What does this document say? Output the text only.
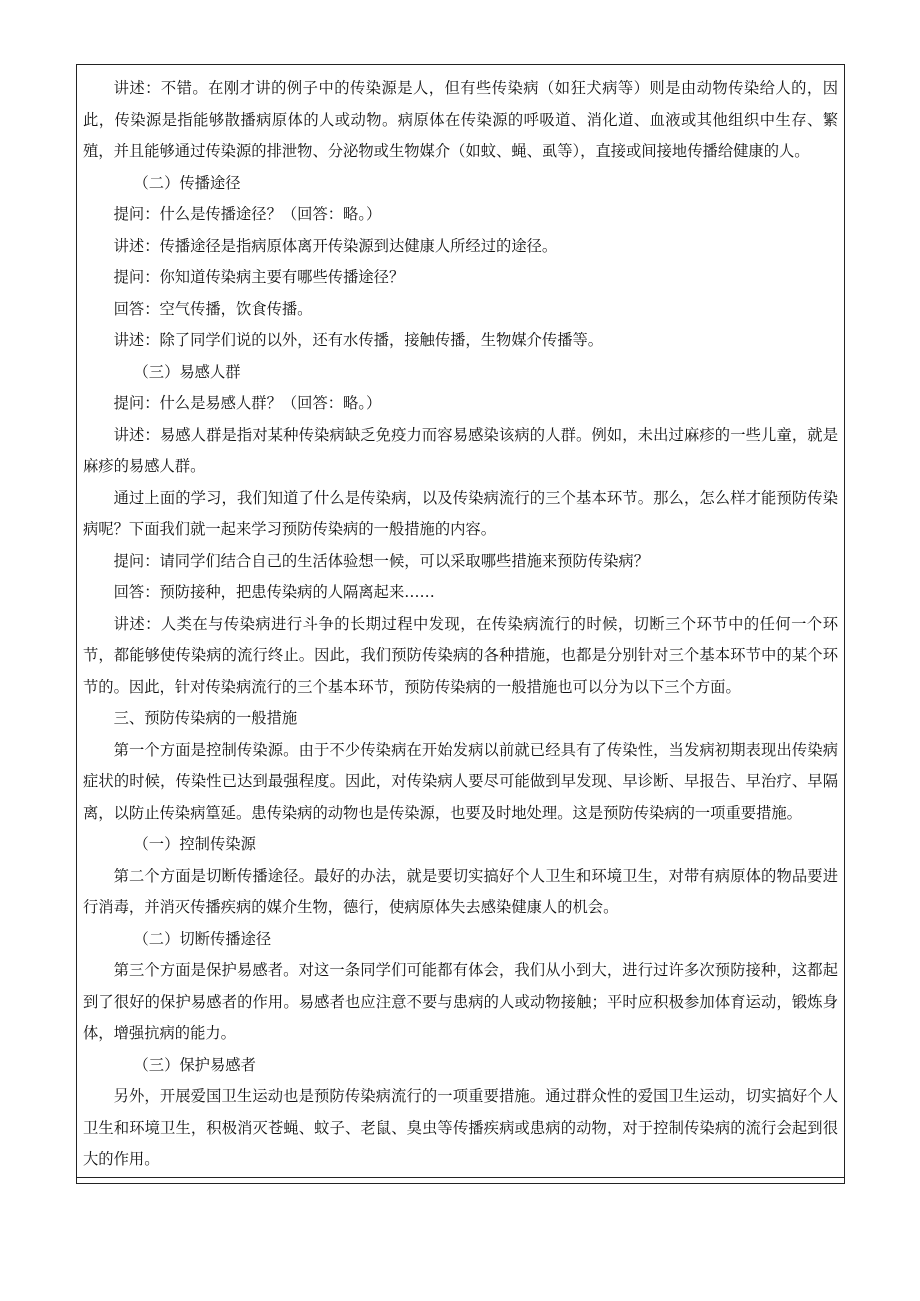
讲述：不错。在刚才讲的例子中的传染源是人，但有些传染病（如狂犬病等）则是由动物传染给人的，因此，传染源是指能够散播病原体的人或动物。病原体在传染源的呼吸道、消化道、血液或其他组织中生存、繁殖，并且能够通过传染源的排泄物、分泌物或生物媒介（如蚊、蝇、虱等），直接或间接地传播给健康的人。

（二）传播途径

提问：什么是传播途径？（回答：略。）

讲述：传播途径是指病原体离开传染源到达健康人所经过的途径。

提问：你知道传染病主要有哪些传播途径？

回答：空气传播，饮食传播。

讲述：除了同学们说的以外，还有水传播，接触传播，生物媒介传播等。

（三）易感人群

提问：什么是易感人群？（回答：略。）

讲述：易感人群是指对某种传染病缺乏免疫力而容易感染该病的人群。例如，未出过麻疹的一些儿童，就是麻疹的易感人群。

通过上面的学习，我们知道了什么是传染病，以及传染病流行的三个基本环节。那么，怎么样才能预防传染病呢？下面我们就一起来学习预防传染病的一般措施的内容。

提问：请同学们结合自己的生活体验想一候，可以采取哪些措施来预防传染病？

回答：预防接种，把患传染病的人隔离起来……

讲述：人类在与传染病进行斗争的长期过程中发现，在传染病流行的时候，切断三个环节中的任何一个环节，都能够使传染病的流行终止。因此，我们预防传染病的各种措施，也都是分别针对三个基本环节中的某个环节的。因此，针对传染病流行的三个基本环节，预防传染病的一般措施也可以分为以下三个方面。

三、预防传染病的一般措施

第一个方面是控制传染源。由于不少传染病在开始发病以前就已经具有了传染性，当发病初期表现出传染病症状的时候，传染性已达到最强程度。因此，对传染病人要尽可能做到早发现、早诊断、早报告、早治疗、早隔离，以防止传染病篁延。患传染病的动物也是传染源，也要及时地处理。这是预防传染病的一项重要措施。

（一）控制传染源

第二个方面是切断传播途径。最好的办法，就是要切实搞好个人卫生和环境卫生，对带有病原体的物品要进行消毒，并消灭传播疾病的媒介生物，德行，使病原体失去感染健康人的机会。

（二）切断传播途径

第三个方面是保护易感者。对这一条同学们可能都有体会，我们从小到大，进行过许多次预防接种，这都起到了很好的保护易感者的作用。易感者也应注意不要与患病的人或动物接触；平时应积极参加体育运动，锻炼身体，增强抗病的能力。

（三）保护易感者

另外，开展爱国卫生运动也是预防传染病流行的一项重要措施。通过群众性的爱国卫生运动，切实搞好个人卫生和环境卫生，积极消灭苍蝇、蚊子、老鼠、臭虫等传播疾病或患病的动物，对于控制传染病的流行会起到很大的作用。
